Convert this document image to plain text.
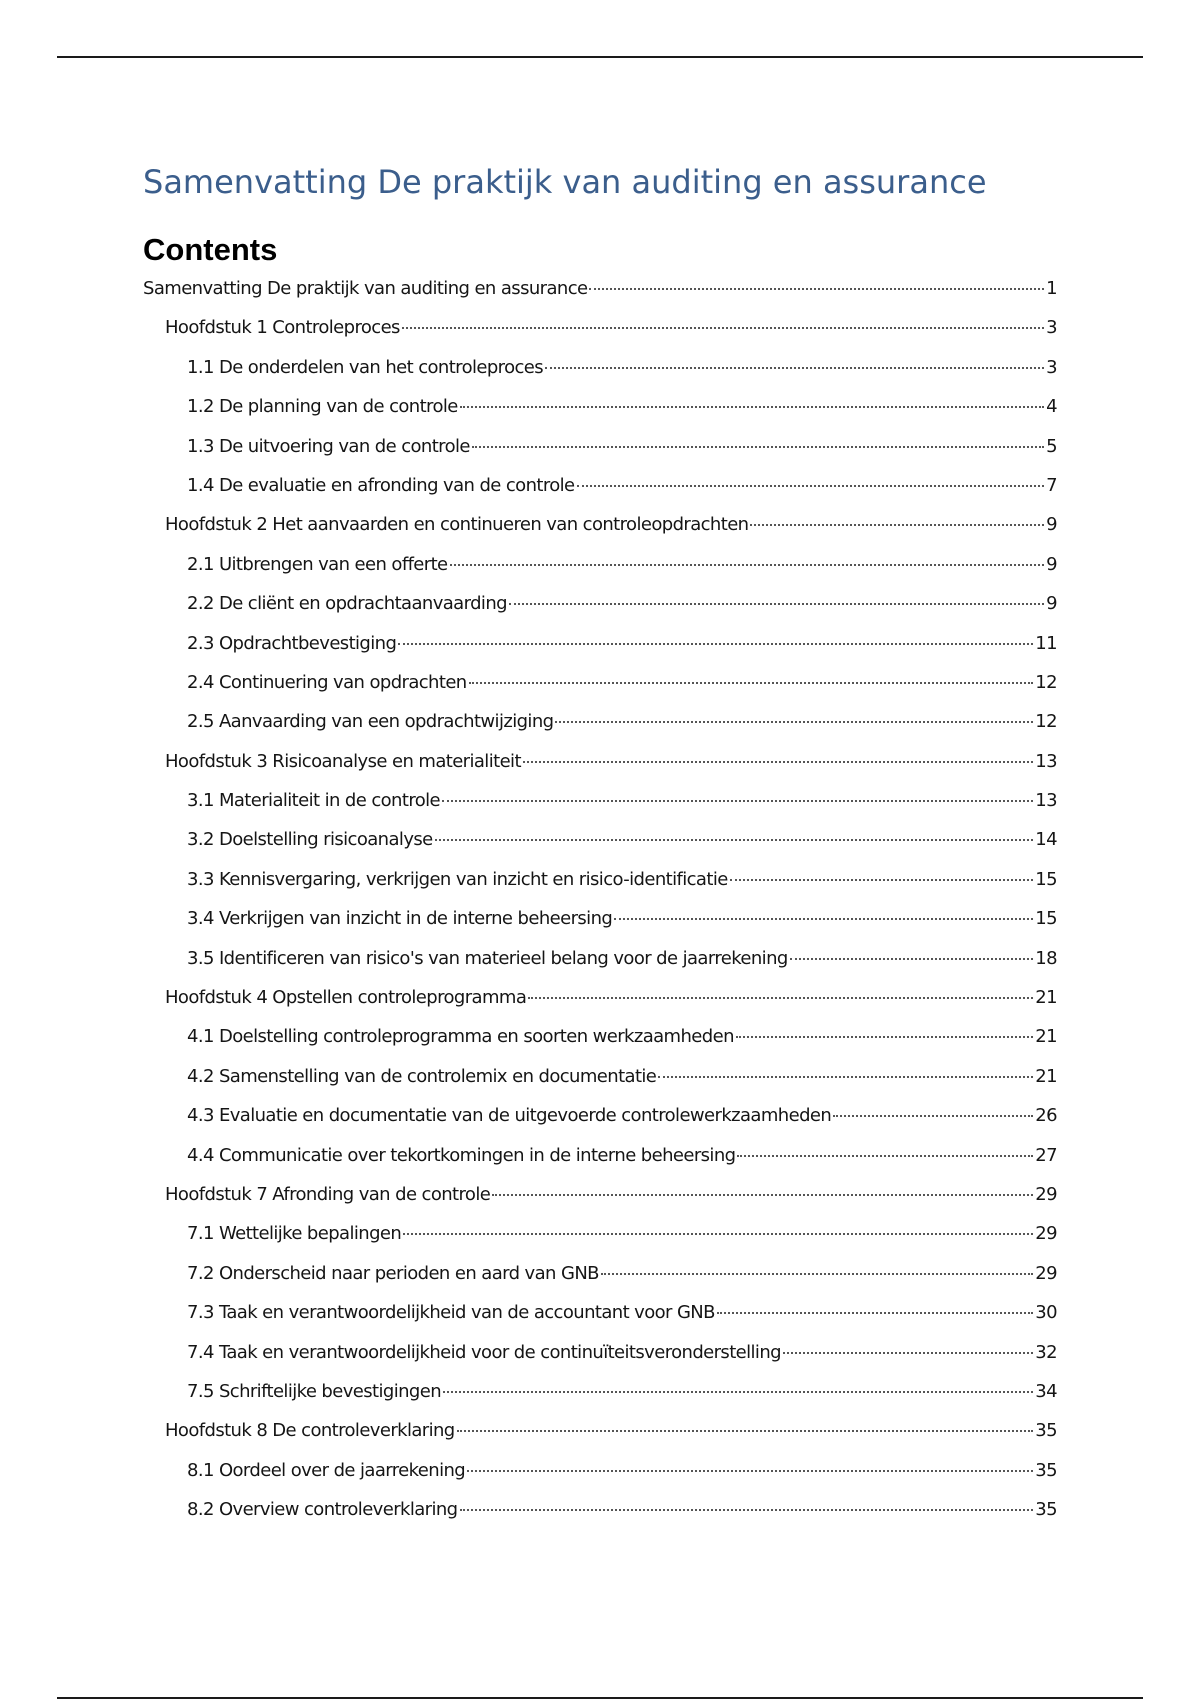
Samenvatting De praktijk van auditing en assurance
Contents
Samenvatting De praktijk van auditing en assurance	1
Hoofdstuk 1 Controleproces	3
1.1 De onderdelen van het controleproces	3
1.2 De planning van de controle	4
1.3 De uitvoering van de controle	5
1.4 De evaluatie en afronding van de controle	7
Hoofdstuk 2 Het aanvaarden en continueren van controleopdrachten	9
2.1 Uitbrengen van een offerte	9
2.2 De cliënt en opdrachtaanvaarding	9
2.3 Opdrachtbevestiging	11
2.4 Continuering van opdrachten	12
2.5 Aanvaarding van een opdrachtwijziging	12
Hoofdstuk 3 Risicoanalyse en materialiteit	13
3.1 Materialiteit in de controle	13
3.2 Doelstelling risicoanalyse	14
3.3 Kennisvergaring, verkrijgen van inzicht en risico-identificatie	15
3.4 Verkrijgen van inzicht in de interne beheersing	15
3.5 Identificeren van risico's van materieel belang voor de jaarrekening	18
Hoofdstuk 4 Opstellen controleprogramma	21
4.1 Doelstelling controleprogramma en soorten werkzaamheden	21
4.2 Samenstelling van de controlemix en documentatie	21
4.3 Evaluatie en documentatie van de uitgevoerde controlewerkzaamheden	26
4.4 Communicatie over tekortkomingen in de interne beheersing	27
Hoofdstuk 7 Afronding van de controle	29
7.1 Wettelijke bepalingen	29
7.2 Onderscheid naar perioden en aard van GNB	29
7.3 Taak en verantwoordelijkheid van de accountant voor GNB	30
7.4 Taak en verantwoordelijkheid voor de continuïteitsveronderstelling	32
7.5 Schriftelijke bevestigingen	34
Hoofdstuk 8 De controleverklaring	35
8.1 Oordeel over de jaarrekening	35
8.2 Overview controleverklaring	35
